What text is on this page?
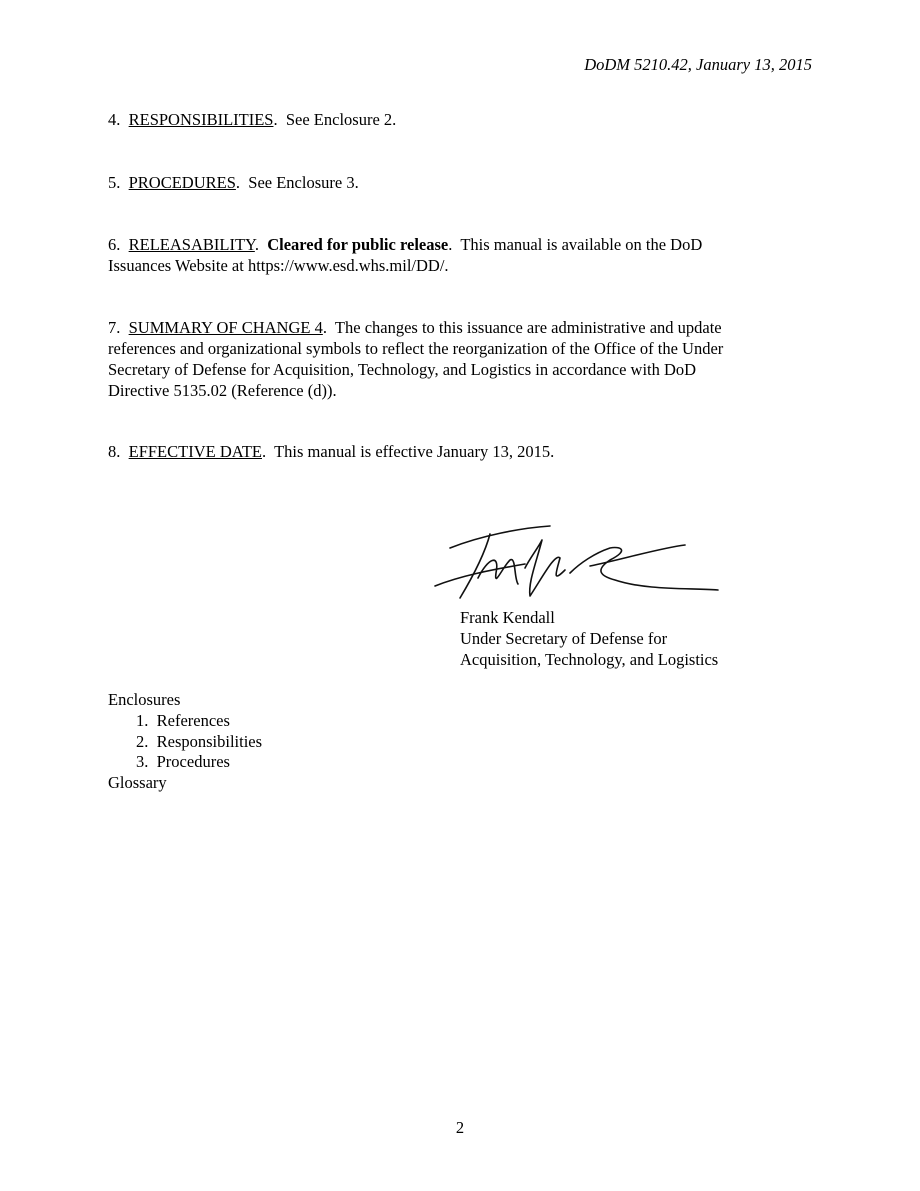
DoDM 5210.42, January 13, 2015

4. RESPONSIBILITIES.  See Enclosure 2.

5. PROCEDURES.  See Enclosure 3.

6. RELEASABILITY.  Cleared for public release.  This manual is available on the DoD
Issuances Website at https://www.esd.whs.mil/DD/.

7. SUMMARY OF CHANGE 4.  The changes to this issuance are administrative and update
references and organizational symbols to reflect the reorganization of the Office of the Under
Secretary of Defense for Acquisition, Technology, and Logistics in accordance with DoD
Directive 5135.02 (Reference (d)).

8. EFFECTIVE DATE.  This manual is effective January 13, 2015.

Frank Kendall
Under Secretary of Defense for
Acquisition, Technology, and Logistics
Enclosures
1.  References
2.  Responsibilities
3.  Procedures
Glossary
2
